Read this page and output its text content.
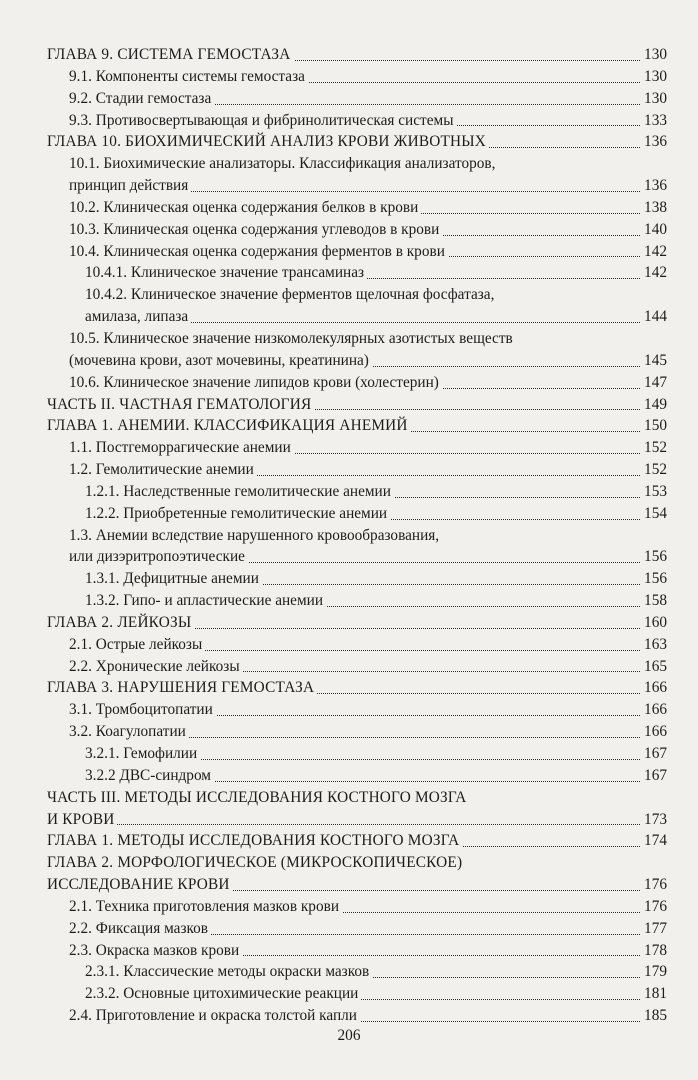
ГЛАВА 9. СИСТЕМА ГЕМОСТАЗА	130
9.1. Компоненты системы гемостаза	130
9.2. Стадии гемостаза	130
9.3. Противосвертывающая и фибринолитическая системы	133
ГЛАВА 10. БИОХИМИЧЕСКИЙ АНАЛИЗ КРОВИ ЖИВОТНЫХ	136
10.1. Биохимические анализаторы. Классификация анализаторов,
принцип действия	136
10.2. Клиническая оценка содержания белков в крови	138
10.3. Клиническая оценка содержания углеводов в крови	140
10.4. Клиническая оценка содержания ферментов в крови	142
10.4.1. Клиническое значение трансаминаз	142
10.4.2. Клиническое значение ферментов щелочная фосфатаза,
амилаза, липаза	144
10.5. Клиническое значение низкомолекулярных азотистых веществ
(мочевина крови, азот мочевины, креатинина)	145
10.6. Клиническое значение липидов крови (холестерин)	147
ЧАСТЬ II. ЧАСТНАЯ ГЕМАТОЛОГИЯ	149
ГЛАВА 1. АНЕМИИ. КЛАССИФИКАЦИЯ АНЕМИЙ	150
1.1. Постгеморрагические анемии	152
1.2. Гемолитические анемии	152
1.2.1. Наследственные гемолитические анемии	153
1.2.2. Приобретенные гемолитические анемии	154
1.3. Анемии вследствие нарушенного кровообразования,
или дизэритропоэтические	156
1.3.1. Дефицитные анемии	156
1.3.2. Гипо- и апластические анемии	158
ГЛАВА 2. ЛЕЙКОЗЫ	160
2.1. Острые лейкозы	163
2.2. Хронические лейкозы	165
ГЛАВА 3. НАРУШЕНИЯ ГЕМОСТАЗА	166
3.1. Тромбоцитопатии	166
3.2. Коагулопатии	166
3.2.1. Гемофилии	167
3.2.2 ДВС-синдром	167
ЧАСТЬ III. МЕТОДЫ ИССЛЕДОВАНИЯ КОСТНОГО МОЗГА
И КРОВИ	173
ГЛАВА 1. МЕТОДЫ ИССЛЕДОВАНИЯ КОСТНОГО МОЗГА	174
ГЛАВА 2. МОРФОЛОГИЧЕСКОЕ (МИКРОСКОПИЧЕСКОЕ)
ИССЛЕДОВАНИЕ КРОВИ	176
2.1. Техника приготовления мазков крови	176
2.2. Фиксация мазков	177
2.3. Окраска мазков крови	178
2.3.1. Классические методы окраски мазков	179
2.3.2. Основные цитохимические реакции	181
2.4. Приготовление и окраска толстой капли	185
206
